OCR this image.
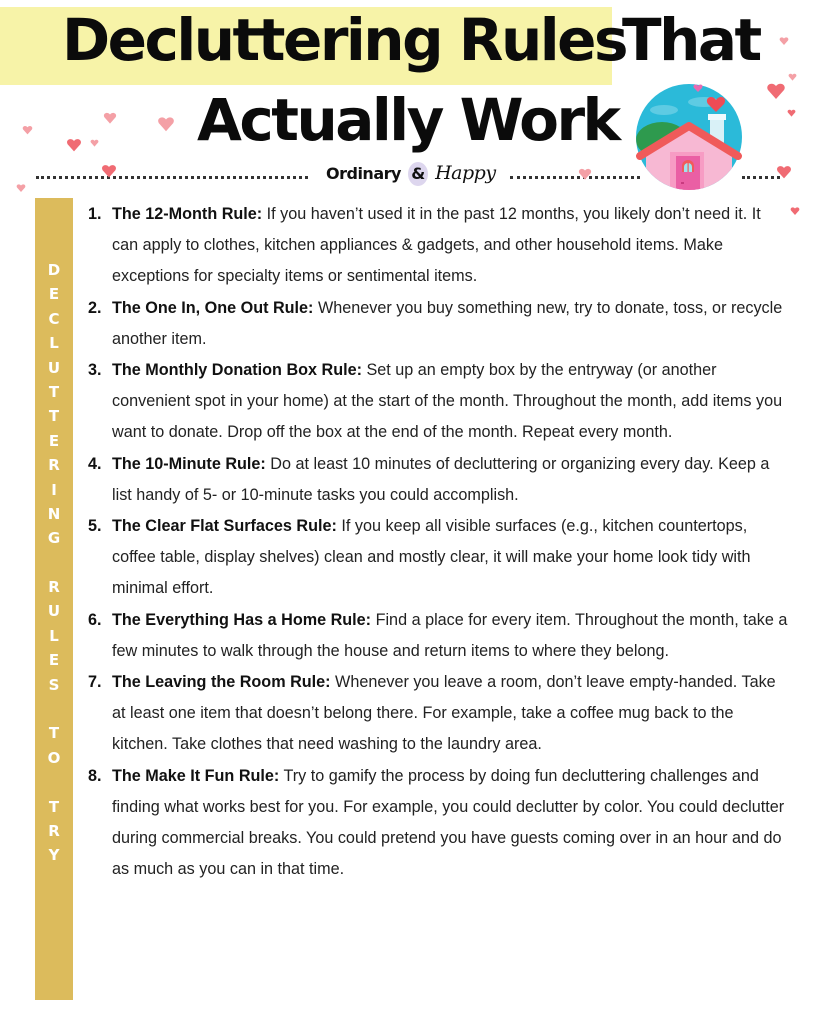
Decluttering Rules
That
Actually Work
Ordinary & Happy
D
E
C
L
U
T
T
E
R
I
N
G
R
U
L
E
S
T
O
T
R
Y
1. The 12-Month Rule: If you haven’t used it in the past 12 months, you likely don’t need it. It can apply to clothes, kitchen appliances & gadgets, and other household items. Make exceptions for specialty items or sentimental items.
2. The One In, One Out Rule: Whenever you buy something new, try to donate, toss, or recycle another item.
3. The Monthly Donation Box Rule: Set up an empty box by the entryway (or another convenient spot in your home) at the start of the month. Throughout the month, add items you want to donate. Drop off the box at the end of the month. Repeat every month.
4. The 10-Minute Rule: Do at least 10 minutes of decluttering or organizing every day. Keep a list handy of 5- or 10-minute tasks you could accomplish.
5. The Clear Flat Surfaces Rule: If you keep all visible surfaces (e.g., kitchen countertops, coffee table, display shelves) clean and mostly clear, it will make your home look tidy with minimal effort.
6. The Everything Has a Home Rule: Find a place for every item. Throughout the month, take a few minutes to walk through the house and return items to where they belong.
7. The Leaving the Room Rule: Whenever you leave a room, don’t leave empty-handed. Take at least one item that doesn’t belong there. For example, take a coffee mug back to the kitchen. Take clothes that need washing to the laundry area.
8. The Make It Fun Rule: Try to gamify the process by doing fun decluttering challenges and finding what works best for you. For example, you could declutter by color. You could declutter during commercial breaks. You could pretend you have guests coming over in an hour and do as much as you can in that time.
